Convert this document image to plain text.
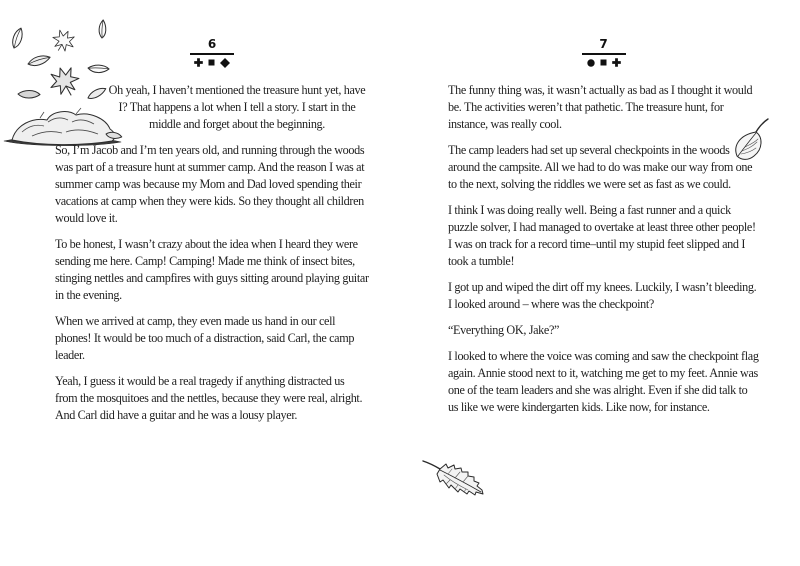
6

Oh yeah, I haven’t mentioned the treasure hunt yet, have I? That happens a lot when I tell a story. I start in the middle and forget about the beginning.

So, I’m Jacob and I’m ten years old, and running through the woods was part of a treasure hunt at summer camp. And the reason I was at summer camp was because my Mom and Dad loved spending their vacations at camp when they were kids. So they thought all children would love it.

To be honest, I wasn’t crazy about the idea when I heard they were sending me here. Camp! Camping! Made me think of insect bites, stinging nettles and campfires with guys sitting around playing guitar in the evening.

When we arrived at camp, they even made us hand in our cell phones! It would be too much of a distraction, said Carl, the camp leader.

Yeah, I guess it would be a real tragedy if anything distracted us from the mosquitoes and the nettles, because they were real, alright. And Carl did have a guitar and he was a lousy player.

7

The funny thing was, it wasn’t actually as bad as I thought it would be. The activities weren’t that pathetic. The treasure hunt, for instance, was really cool.

The camp leaders had set up several checkpoints in the woods around the campsite. All we had to do was make our way from one to the next, solving the riddles we were set as fast as we could.

I think I was doing really well. Being a fast runner and a quick puzzle solver, I had managed to overtake at least three other people! I was on track for a record time–until my stupid feet slipped and I took a tumble!

I got up and wiped the dirt off my knees. Luckily, I wasn’t bleeding. I looked around – where was the checkpoint?

“Everything OK, Jake?”

I looked to where the voice was coming and saw the checkpoint flag again. Annie stood next to it, watching me get to my feet. Annie was one of the team leaders and she was alright. Even if she did talk to us like we were kindergarten kids. Like now, for instance.
